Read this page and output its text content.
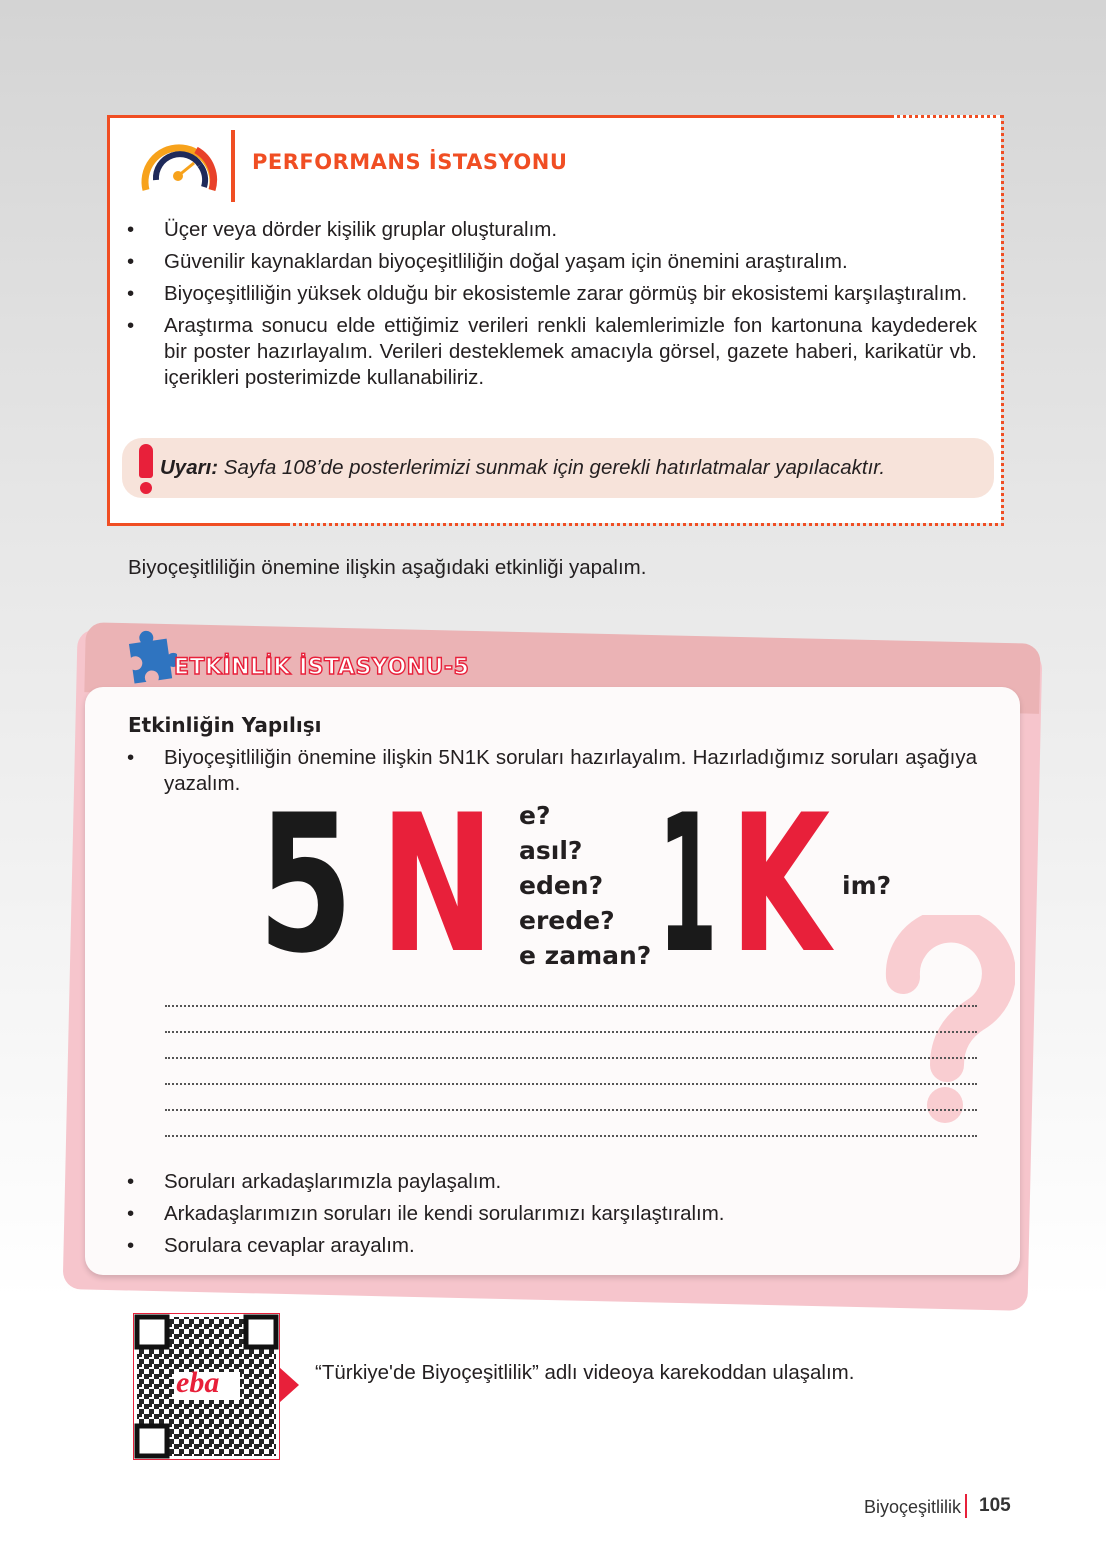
PERFORMANS İSTASYONU
• Üçer veya dörder kişilik gruplar oluşturalım.
• Güvenilir kaynaklardan biyoçeşitliliğin doğal yaşam için önemini araştıralım.
• Biyoçeşitliliğin yüksek olduğu bir ekosistemle zarar görmüş bir ekosistemi karşılaştıralım.
• Araştırma sonucu elde ettiğimiz verileri renkli kalemlerimizle fon kartonuna kaydederek bir poster hazırlayalım. Verileri desteklemek amacıyla görsel, gazete haberi, karikatür vb. içerikleri posterimizde kullanabiliriz.
Uyarı: Sayfa 108’de posterlerimizi sunmak için gerekli hatırlatmalar yapılacaktır.
Biyoçeşitliliğin önemine ilişkin aşağıdaki etkinliği yapalım.
ETKİNLİK İSTASYONU-5
Etkinliğin Yapılışı
• Biyoçeşitliliğin önemine ilişkin 5N1K soruları hazırlayalım. Hazırladığımız soruları aşağıya yazalım. 5 N e?
asıl?
eden?
erede?
e zaman? 1 K im?
• Soruları arkadaşlarımızla paylaşalım.
• Arkadaşlarımızın soruları ile kendi sorularımızı karşılaştıralım.
• Sorulara cevaplar arayalım.
eba	“Türkiye'de Biyoçeşitlilik” adlı videoya karekoddan ulaşalım.
Biyoçeşitlilik 105
